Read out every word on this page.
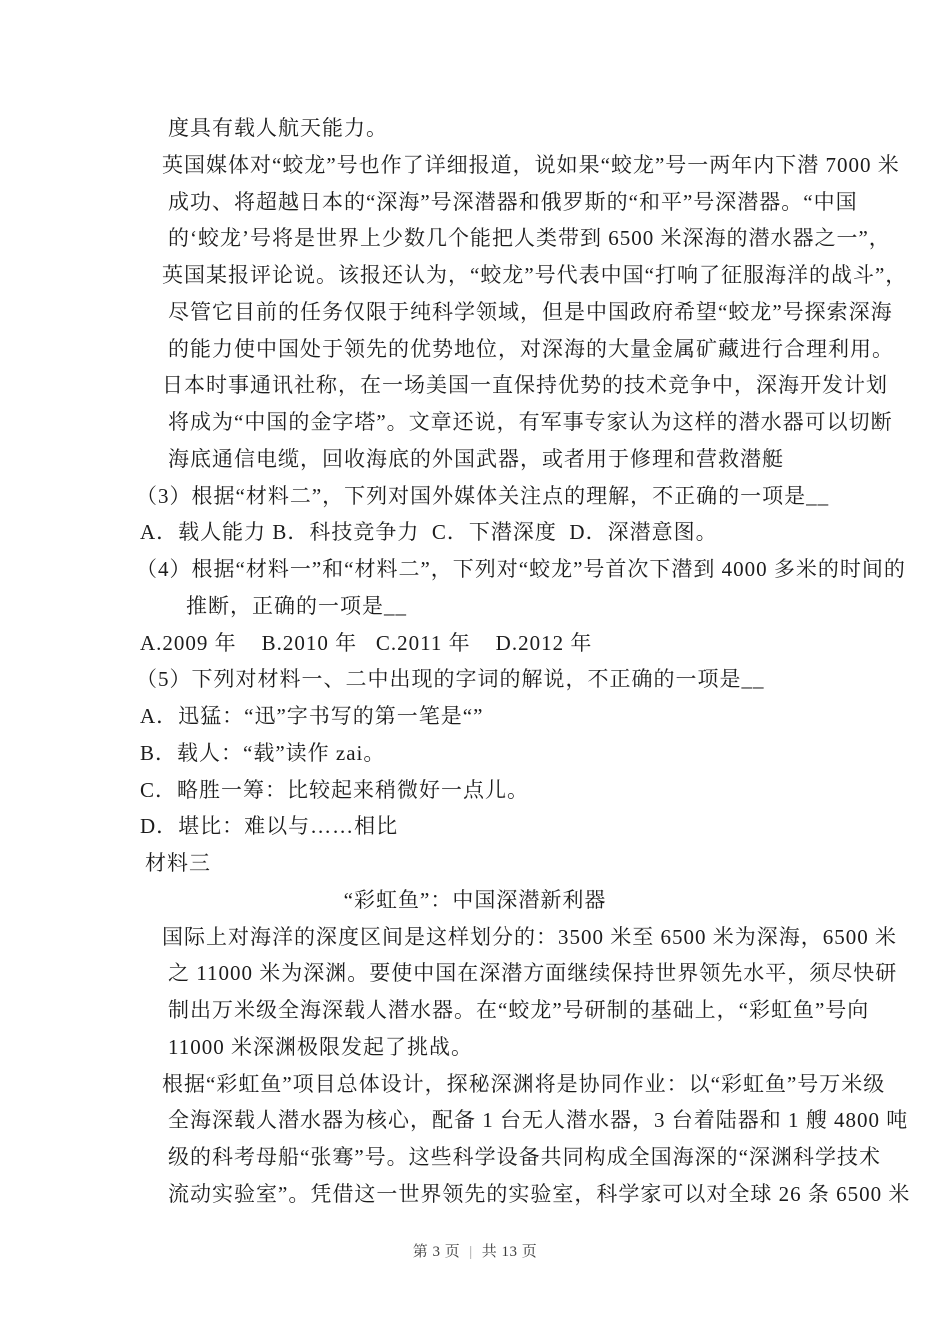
度具有载人航天能力。
英国媒体对“蛟龙”号也作了详细报道，说如果“蛟龙”号一两年内下潜 7000 米
成功、将超越日本的“深海”号深潜器和俄罗斯的“和平”号深潜器。“中国
的‘蛟龙’号将是世界上少数几个能把人类带到 6500 米深海的潜水器之一”，
英国某报评论说。该报还认为，“蛟龙”号代表中国“打响了征服海洋的战斗”，
尽管它目前的任务仅限于纯科学领域，但是中国政府希望“蛟龙”号探索深海
的能力使中国处于领先的优势地位，对深海的大量金属矿藏进行合理利用。
日本时事通讯社称，在一场美国一直保持优势的技术竞争中，深海开发计划
将成为“中国的金字塔”。文章还说，有军事专家认为这样的潜水器可以切断
海底通信电缆，回收海底的外国武器，或者用于修理和营救潜艇
（3）根据“材料二”，下列对国外媒体关注点的理解，不正确的一项是__
A．载人能力 B．科技竞争力  C．下潜深度  D．深潜意图。
（4）根据“材料一”和“材料二”，下列对“蛟龙”号首次下潜到 4000 多米的时间的
推断，正确的一项是__
A.2009 年    B.2010 年   C.2011 年    D.2012 年
（5）下列对材料一、二中出现的字词的解说，不正确的一项是__
A．迅猛：“迅”字书写的第一笔是“”
B．载人：“载”读作 zai。
C．略胜一筹：比较起来稍微好一点儿。
D．堪比：难以与……相比
材料三
“彩虹鱼”：中国深潜新利器
国际上对海洋的深度区间是这样划分的：3500 米至 6500 米为深海，6500 米
之 11000 米为深渊。要使中国在深潜方面继续保持世界领先水平，须尽快研
制出万米级全海深载人潜水器。在“蛟龙”号研制的基础上，“彩虹鱼”号向
11000 米深渊极限发起了挑战。
根据“彩虹鱼”项目总体设计，探秘深渊将是协同作业：以“彩虹鱼”号万米级
全海深载人潜水器为核心，配备 1 台无人潜水器，3 台着陆器和 1 艘 4800 吨
级的科考母船“张骞”号。这些科学设备共同构成全国海深的“深渊科学技术
流动实验室”。凭借这一世界领先的实验室，科学家可以对全球 26 条 6500 米
第 3 页 | 共 13 页
